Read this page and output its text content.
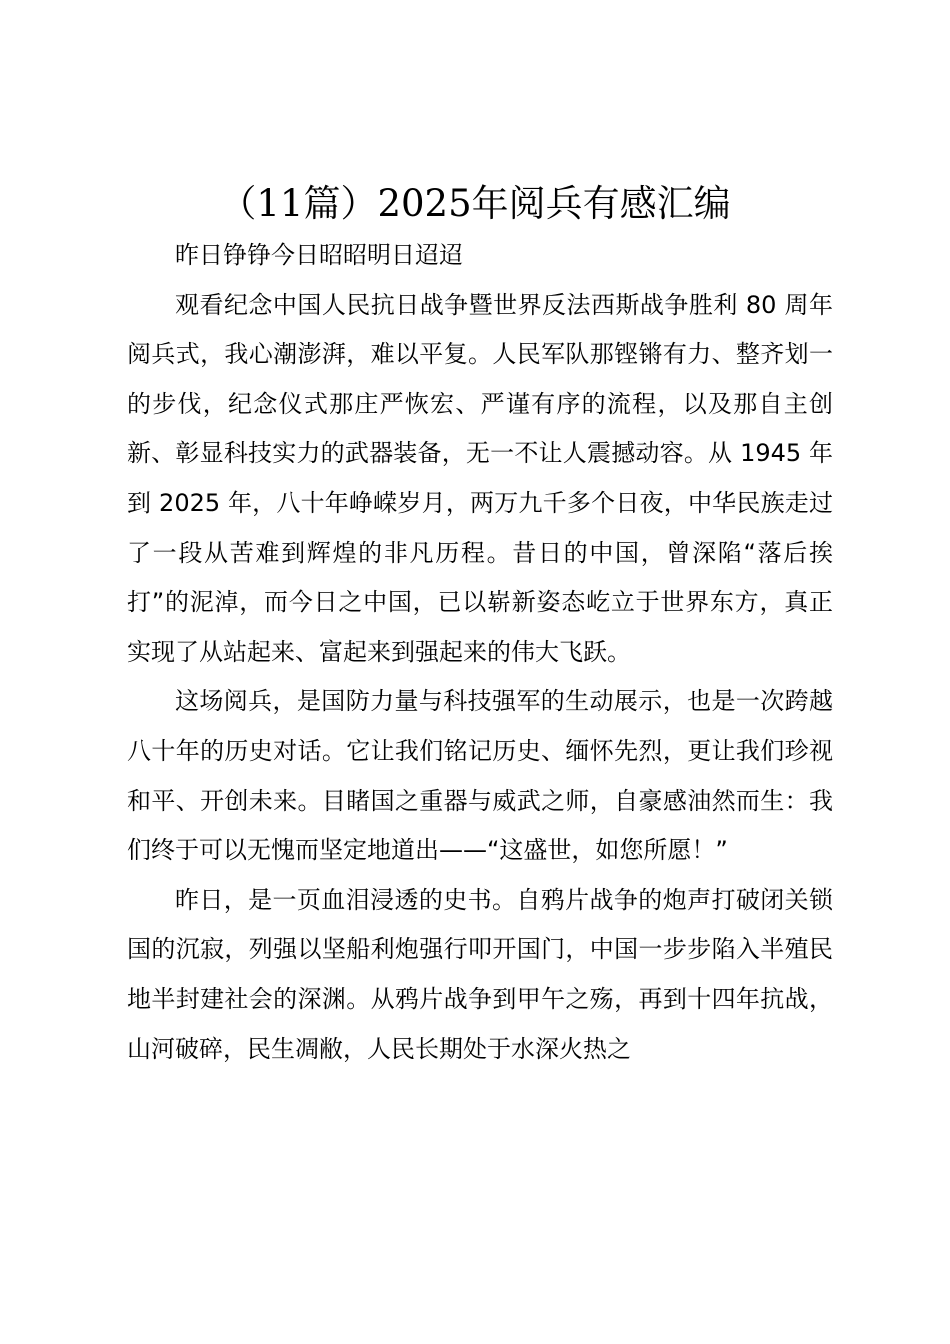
（11篇）2025年阅兵有感汇编

昨日铮铮今日昭昭明日迢迢

观看纪念中国人民抗日战争暨世界反法西斯战争胜利 80 周年阅兵式，我心潮澎湃，难以平复。人民军队那铿锵有力、整齐划一的步伐，纪念仪式那庄严恢宏、严谨有序的流程，以及那自主创新、彰显科技实力的武器装备，无一不让人震撼动容。从 1945 年到 2025 年，八十年峥嵘岁月，两万九千多个日夜，中华民族走过了一段从苦难到辉煌的非凡历程。昔日的中国，曾深陷“落后挨打”的泥淖，而今日之中国，已以崭新姿态屹立于世界东方，真正实现了从站起来、富起来到强起来的伟大飞跃。

这场阅兵，是国防力量与科技强军的生动展示，也是一次跨越八十年的历史对话。它让我们铭记历史、缅怀先烈，更让我们珍视和平、开创未来。目睹国之重器与威武之师，自豪感油然而生：我们终于可以无愧而坚定地道出——“这盛世，如您所愿！”

昨日，是一页血泪浸透的史书。自鸦片战争的炮声打破闭关锁国的沉寂，列强以坚船利炮强行叩开国门，中国一步步陷入半殖民地半封建社会的深渊。从鸦片战争到甲午之殇，再到十四年抗战，山河破碎，民生凋敝，人民长期处于水深火热之
